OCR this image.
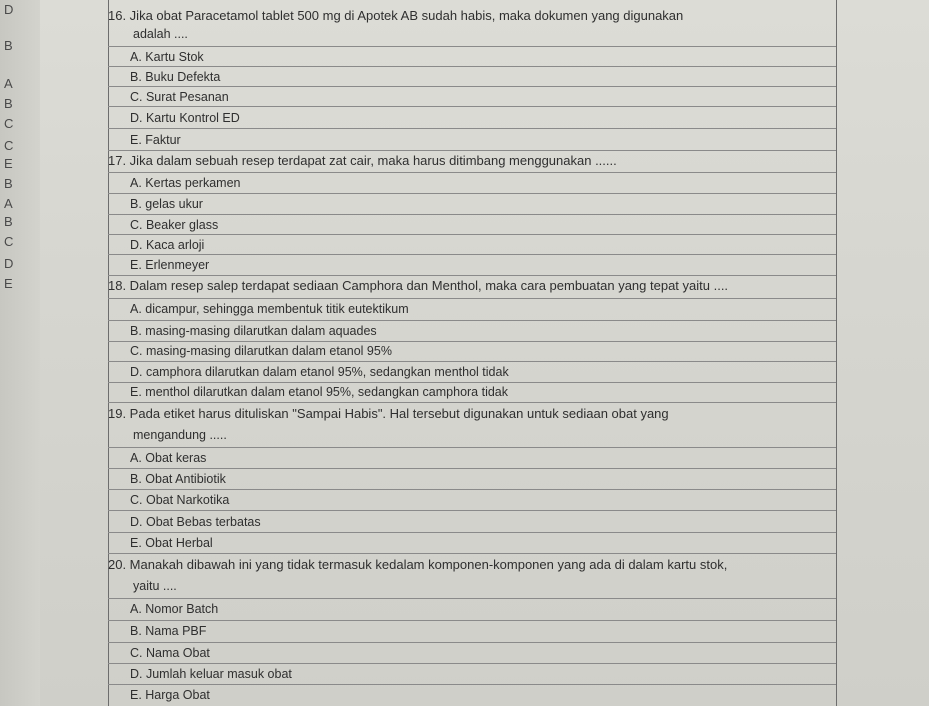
D
B
A
B
C
C
E
B
A
B
C
D
E
16. Jika obat Paracetamol tablet 500 mg di Apotek AB sudah habis, maka dokumen yang digunakan
adalah ....
A. Kartu Stok
B. Buku Defekta
C. Surat Pesanan
D. Kartu Kontrol ED
E. Faktur
17. Jika dalam sebuah resep terdapat zat cair, maka harus ditimbang menggunakan ......
A. Kertas perkamen
B. gelas ukur
C. Beaker glass
D. Kaca arloji
E. Erlenmeyer
18. Dalam resep salep terdapat sediaan Camphora dan Menthol, maka cara pembuatan yang tepat yaitu ....
A. dicampur, sehingga membentuk titik eutektikum
B. masing-masing dilarutkan dalam aquades
C. masing-masing dilarutkan dalam etanol 95%
D. camphora dilarutkan dalam etanol 95%, sedangkan menthol tidak
E. menthol dilarutkan dalam etanol 95%, sedangkan camphora tidak
19. Pada etiket harus dituliskan "Sampai Habis". Hal tersebut digunakan untuk sediaan obat yang
mengandung .....
A. Obat keras
B. Obat Antibiotik
C. Obat Narkotika
D. Obat Bebas terbatas
E. Obat Herbal
20. Manakah dibawah ini yang tidak termasuk kedalam komponen-komponen yang ada di dalam kartu stok,
yaitu ....
A. Nomor Batch
B. Nama PBF
C. Nama Obat
D. Jumlah keluar masuk obat
E. Harga Obat
